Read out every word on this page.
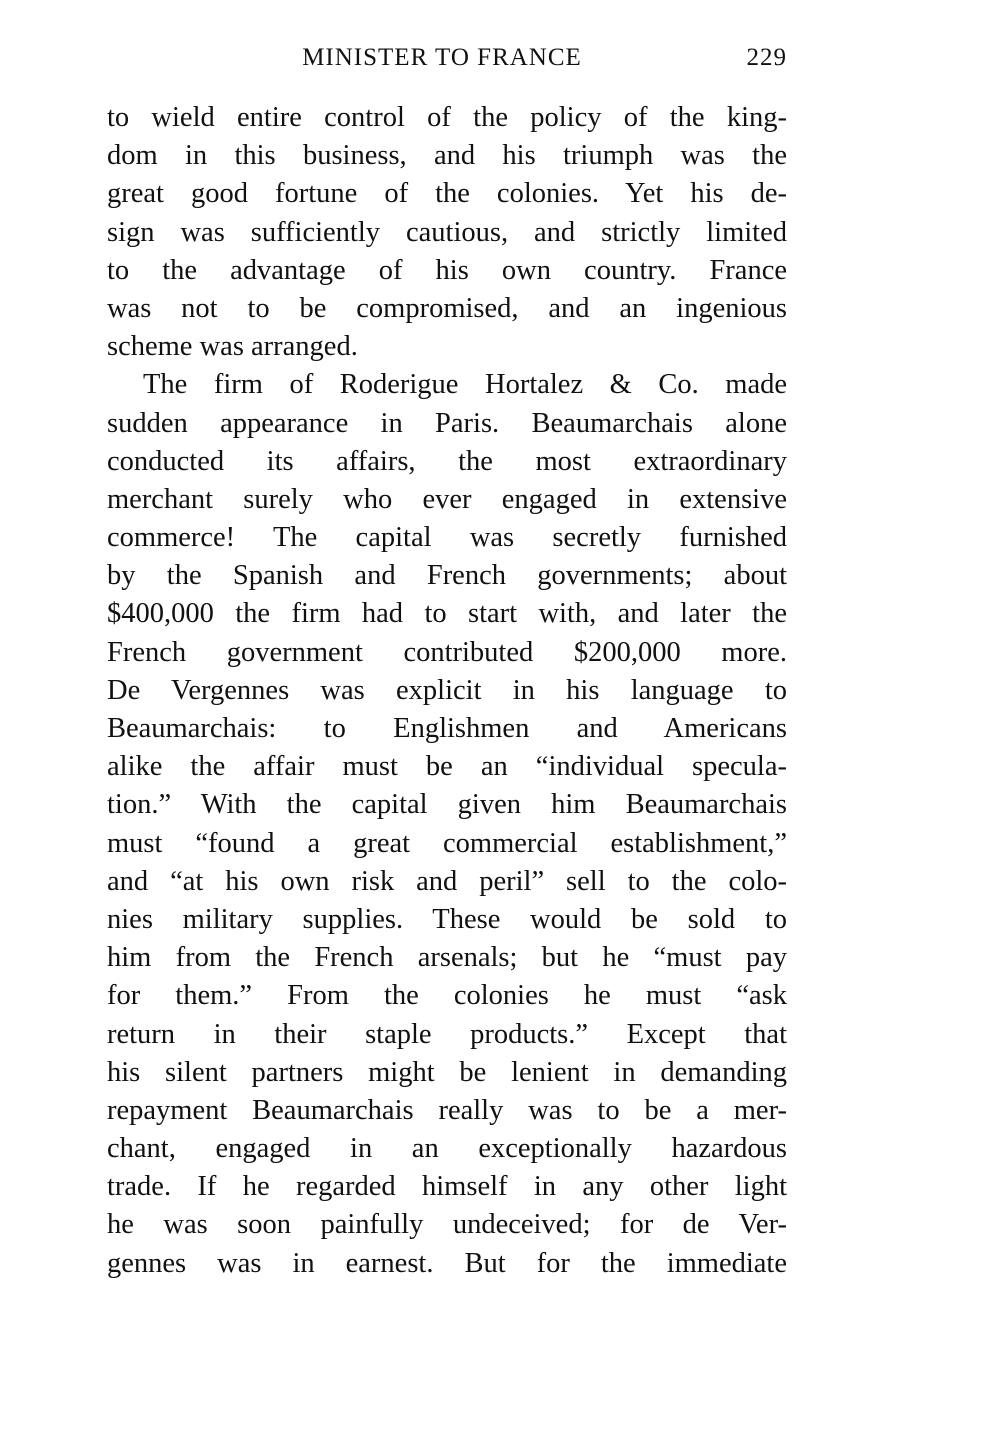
MINISTER TO FRANCE	229
to wield entire control of the policy of the king-
dom in this business, and his triumph was the
great good fortune of the colonies. Yet his de-
sign was sufficiently cautious, and strictly limited
to the advantage of his own country. France
was not to be compromised, and an ingenious
scheme was arranged.
The firm of Roderigue Hortalez & Co. made
sudden appearance in Paris. Beaumarchais alone
conducted its affairs, the most extraordinary
merchant surely who ever engaged in extensive
commerce! The capital was secretly furnished
by the Spanish and French governments; about
$400,000 the firm had to start with, and later the
French government contributed $200,000 more.
De Vergennes was explicit in his language to
Beaumarchais: to Englishmen and Americans
alike the affair must be an “individual specula-
tion.” With the capital given him Beaumarchais
must “found a great commercial establishment,”
and “at his own risk and peril” sell to the colo-
nies military supplies. These would be sold to
him from the French arsenals; but he “must pay
for them.” From the colonies he must “ask
return in their staple products.” Except that
his silent partners might be lenient in demanding
repayment Beaumarchais really was to be a mer-
chant, engaged in an exceptionally hazardous
trade. If he regarded himself in any other light
he was soon painfully undeceived; for de Ver-
gennes was in earnest. But for the immediate
